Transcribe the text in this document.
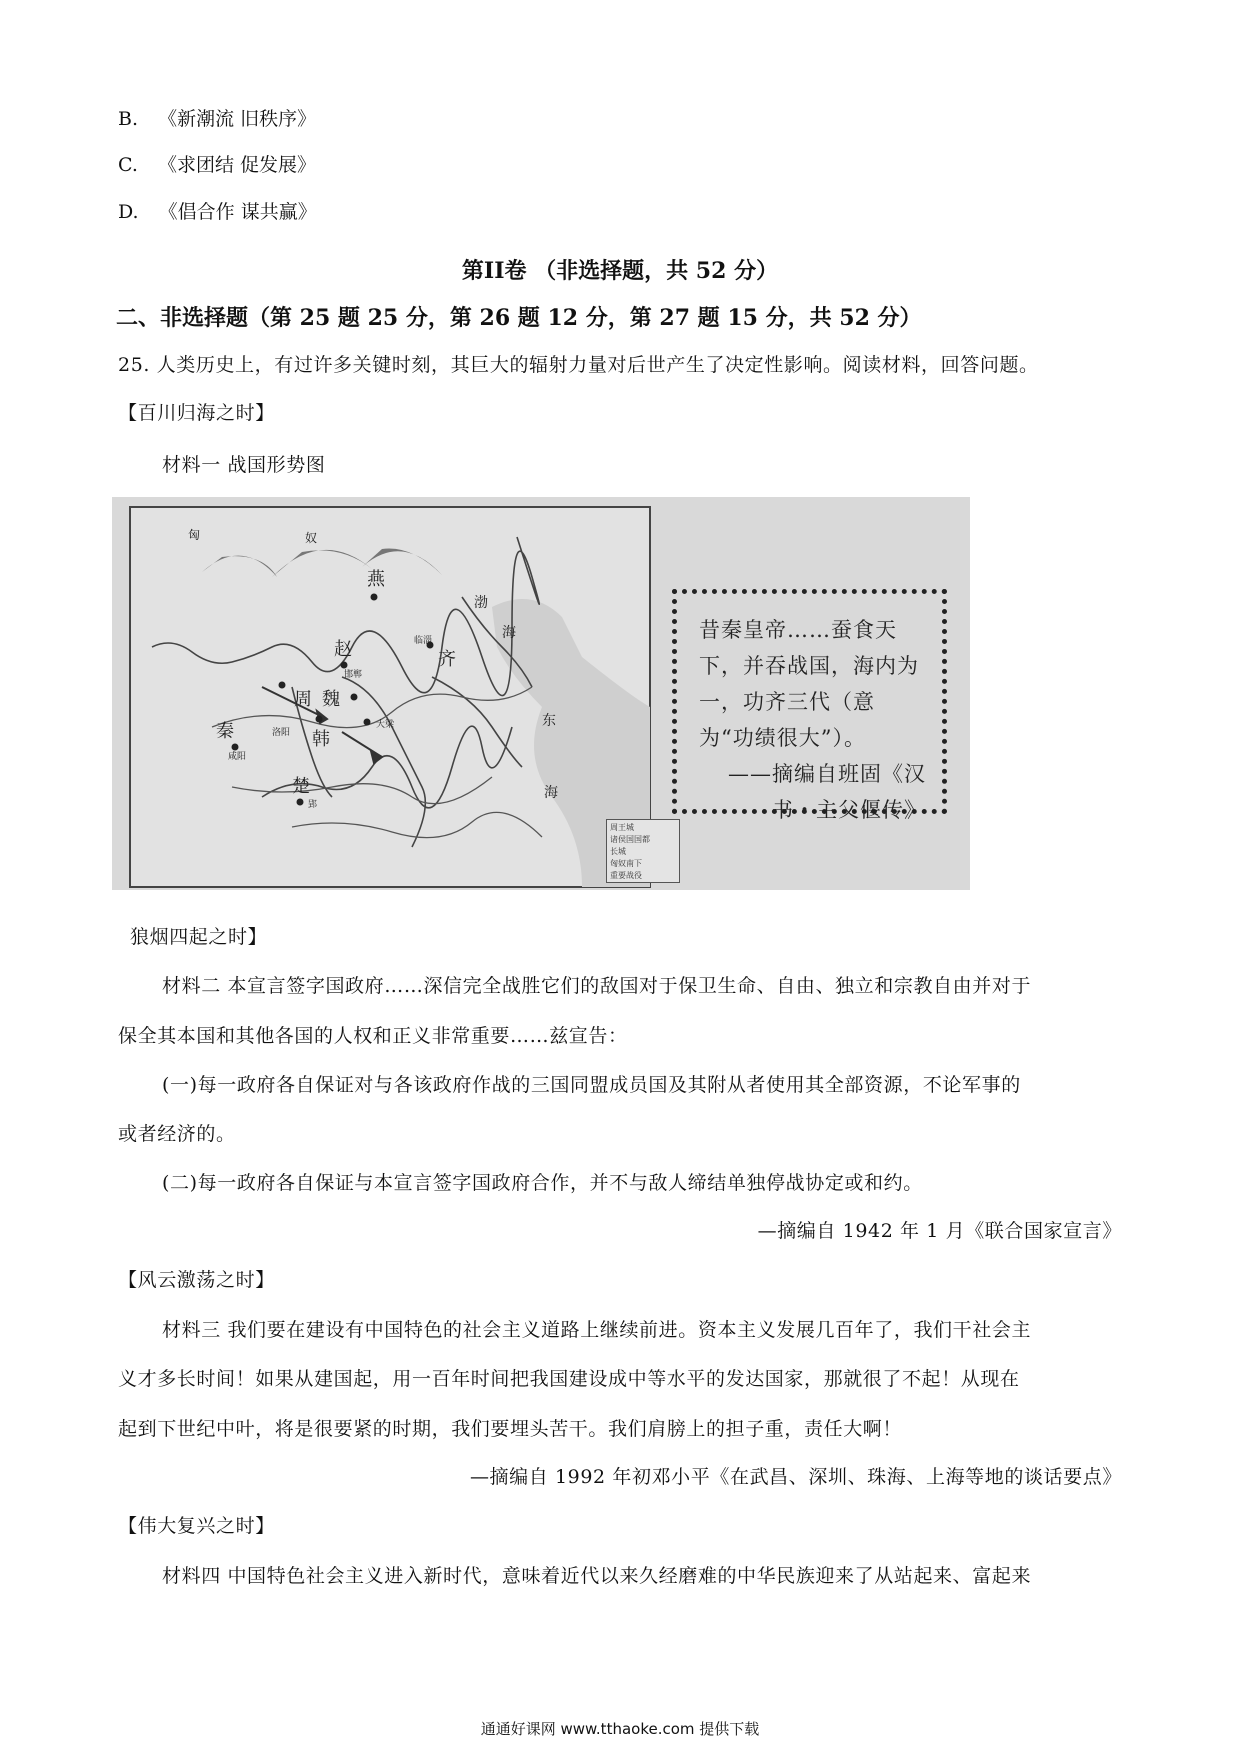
B. 《新潮流 旧秩序》
C. 《求团结 促发展》
D. 《倡合作 谋共赢》
第II卷 （非选择题，共 52 分）
二、非选择题（第 25 题 25 分，第 26 题 12 分，第 27 题 15 分，共 52 分）
25. 人类历史上，有过许多关键时刻，其巨大的辐射力量对后世产生了决定性影响。阅读材料，回答问题。
【百川归海之时】
材料一 战国形势图
匈	奴
燕
赵	齐
周 魏
秦	韩
楚
洛阳
咸阳
大梁
临淄
邯郸
郢
渤
海
东
海
周王城
诸侯国国都
长城
匈奴南下
重要战役
昔秦皇帝……蚕食天下，并吞战国，海内为一，功齐三代（意为“功绩很大”）。
——摘编自班固《汉书・主父偃传》
狼烟四起之时】
材料二 本宣言签字国政府……深信完全战胜它们的敌国对于保卫生命、自由、独立和宗教自由并对于
保全其本国和其他各国的人权和正义非常重要……兹宣告：
(一)每一政府各自保证对与各该政府作战的三国同盟成员国及其附从者使用其全部资源，不论军事的
或者经济的。
(二)每一政府各自保证与本宣言签字国政府合作，并不与敌人缔结单独停战协定或和约。
—摘编自 1942 年 1 月《联合国家宣言》
【风云激荡之时】
材料三 我们要在建设有中国特色的社会主义道路上继续前进。资本主义发展几百年了，我们干社会主
义才多长时间！如果从建国起，用一百年时间把我国建设成中等水平的发达国家，那就很了不起！从现在
起到下世纪中叶，将是很要紧的时期，我们要埋头苦干。我们肩膀上的担子重，责任大啊！
—摘编自 1992 年初邓小平《在武昌、深圳、珠海、上海等地的谈话要点》
【伟大复兴之时】
材料四 中国特色社会主义进入新时代，意味着近代以来久经磨难的中华民族迎来了从站起来、富起来
通通好课网 www.tthaoke.com 提供下载
